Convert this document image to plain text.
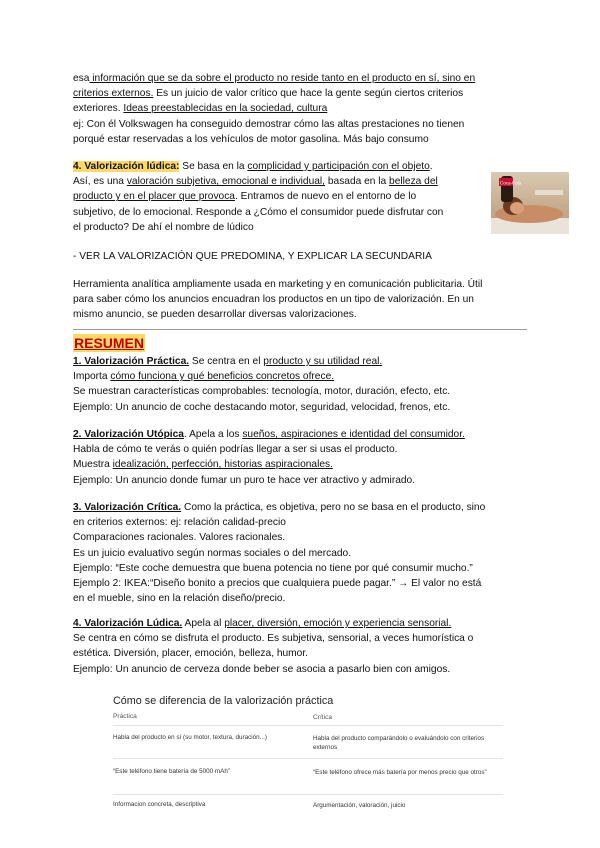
esa información que se da sobre el producto no reside tanto en el producto en sí, sino en
criterios externos. Es un juicio de valor crítico que hace la gente según ciertos criterios
exteriores. Ideas preestablecidas en la sociedad, cultura
ej: Con él Volkswagen ha conseguido demostrar cómo las altas prestaciones no tienen
porqué estar reservadas a los vehículos de motor gasolina. Más bajo consumo
4. Valorización lúdica: Se basa en la complicidad y participación con el objeto.
Así, es una valoración subjetiva, emocional e individual, basada en la belleza del
producto y en el placer que provoca. Entramos de nuevo en el entorno de lo
subjetivo, de lo emocional. Responde a ¿Cómo el consumidor puede disfrutar con
el producto? De ahí el nombre de lúdico
Coca-Cola
- VER LA VALORIZACIÓN QUE PREDOMINA, Y EXPLICAR LA SECUNDARIA
Herramienta analítica ampliamente usada en marketing y en comunicación publicitaria. Útil
para saber cómo los anuncios encuadran los productos en un tipo de valorización. En un
mismo anuncio, se pueden desarrollar diversas valorizaciones.
RESUMEN
1. Valorización Práctica. Se centra en el producto y su utilidad real.
Importa cómo funciona y qué beneficios concretos ofrece.
Se muestran características comprobables: tecnología, motor, duración, efecto, etc.
Ejemplo: Un anuncio de coche destacando motor, seguridad, velocidad, frenos, etc.
2. Valorización Utópica. Apela a los sueños, aspiraciones e identidad del consumidor.
Habla de cómo te verás o quién podrías llegar a ser si usas el producto.
Muestra idealización, perfección, historias aspiracionales.
Ejemplo: Un anuncio donde fumar un puro te hace ver atractivo y admirado.
3. Valorización Crítica. Como la práctica, es objetiva, pero no se basa en el producto, sino
en criterios externos: ej: relación calidad-precio
Comparaciones racionales. Valores racionales.
Es un juicio evaluativo según normas sociales o del mercado.
Ejemplo: “Este coche demuestra que buena potencia no tiene por qué consumir mucho.”
Ejemplo 2: IKEA:“Diseño bonito a precios que cualquiera puede pagar.” → El valor no está
en el mueble, sino en la relación diseño/precio.
4. Valorización Lúdica. Apela al placer, diversión, emoción y experiencia sensorial.
Se centra en cómo se disfruta el producto. Es subjetiva, sensorial, a veces humorística o
estética. Diversión, placer, emoción, belleza, humor.
Ejemplo: Un anuncio de cerveza donde beber se asocia a pasarlo bien con amigos.
Cómo se diferencia de la valorización práctica
Práctica	Crítica
Habla del producto en sí (su motor, textura, duración...)	Habla del producto comparándolo o evaluándolo con criterios externos
“Este teléfono tiene batería de 5000 mAh”	“Este teléfono ofrece más batería por menos precio que otros”
Informacion concreta, descriptiva	Argumentación, valoración, juicio
